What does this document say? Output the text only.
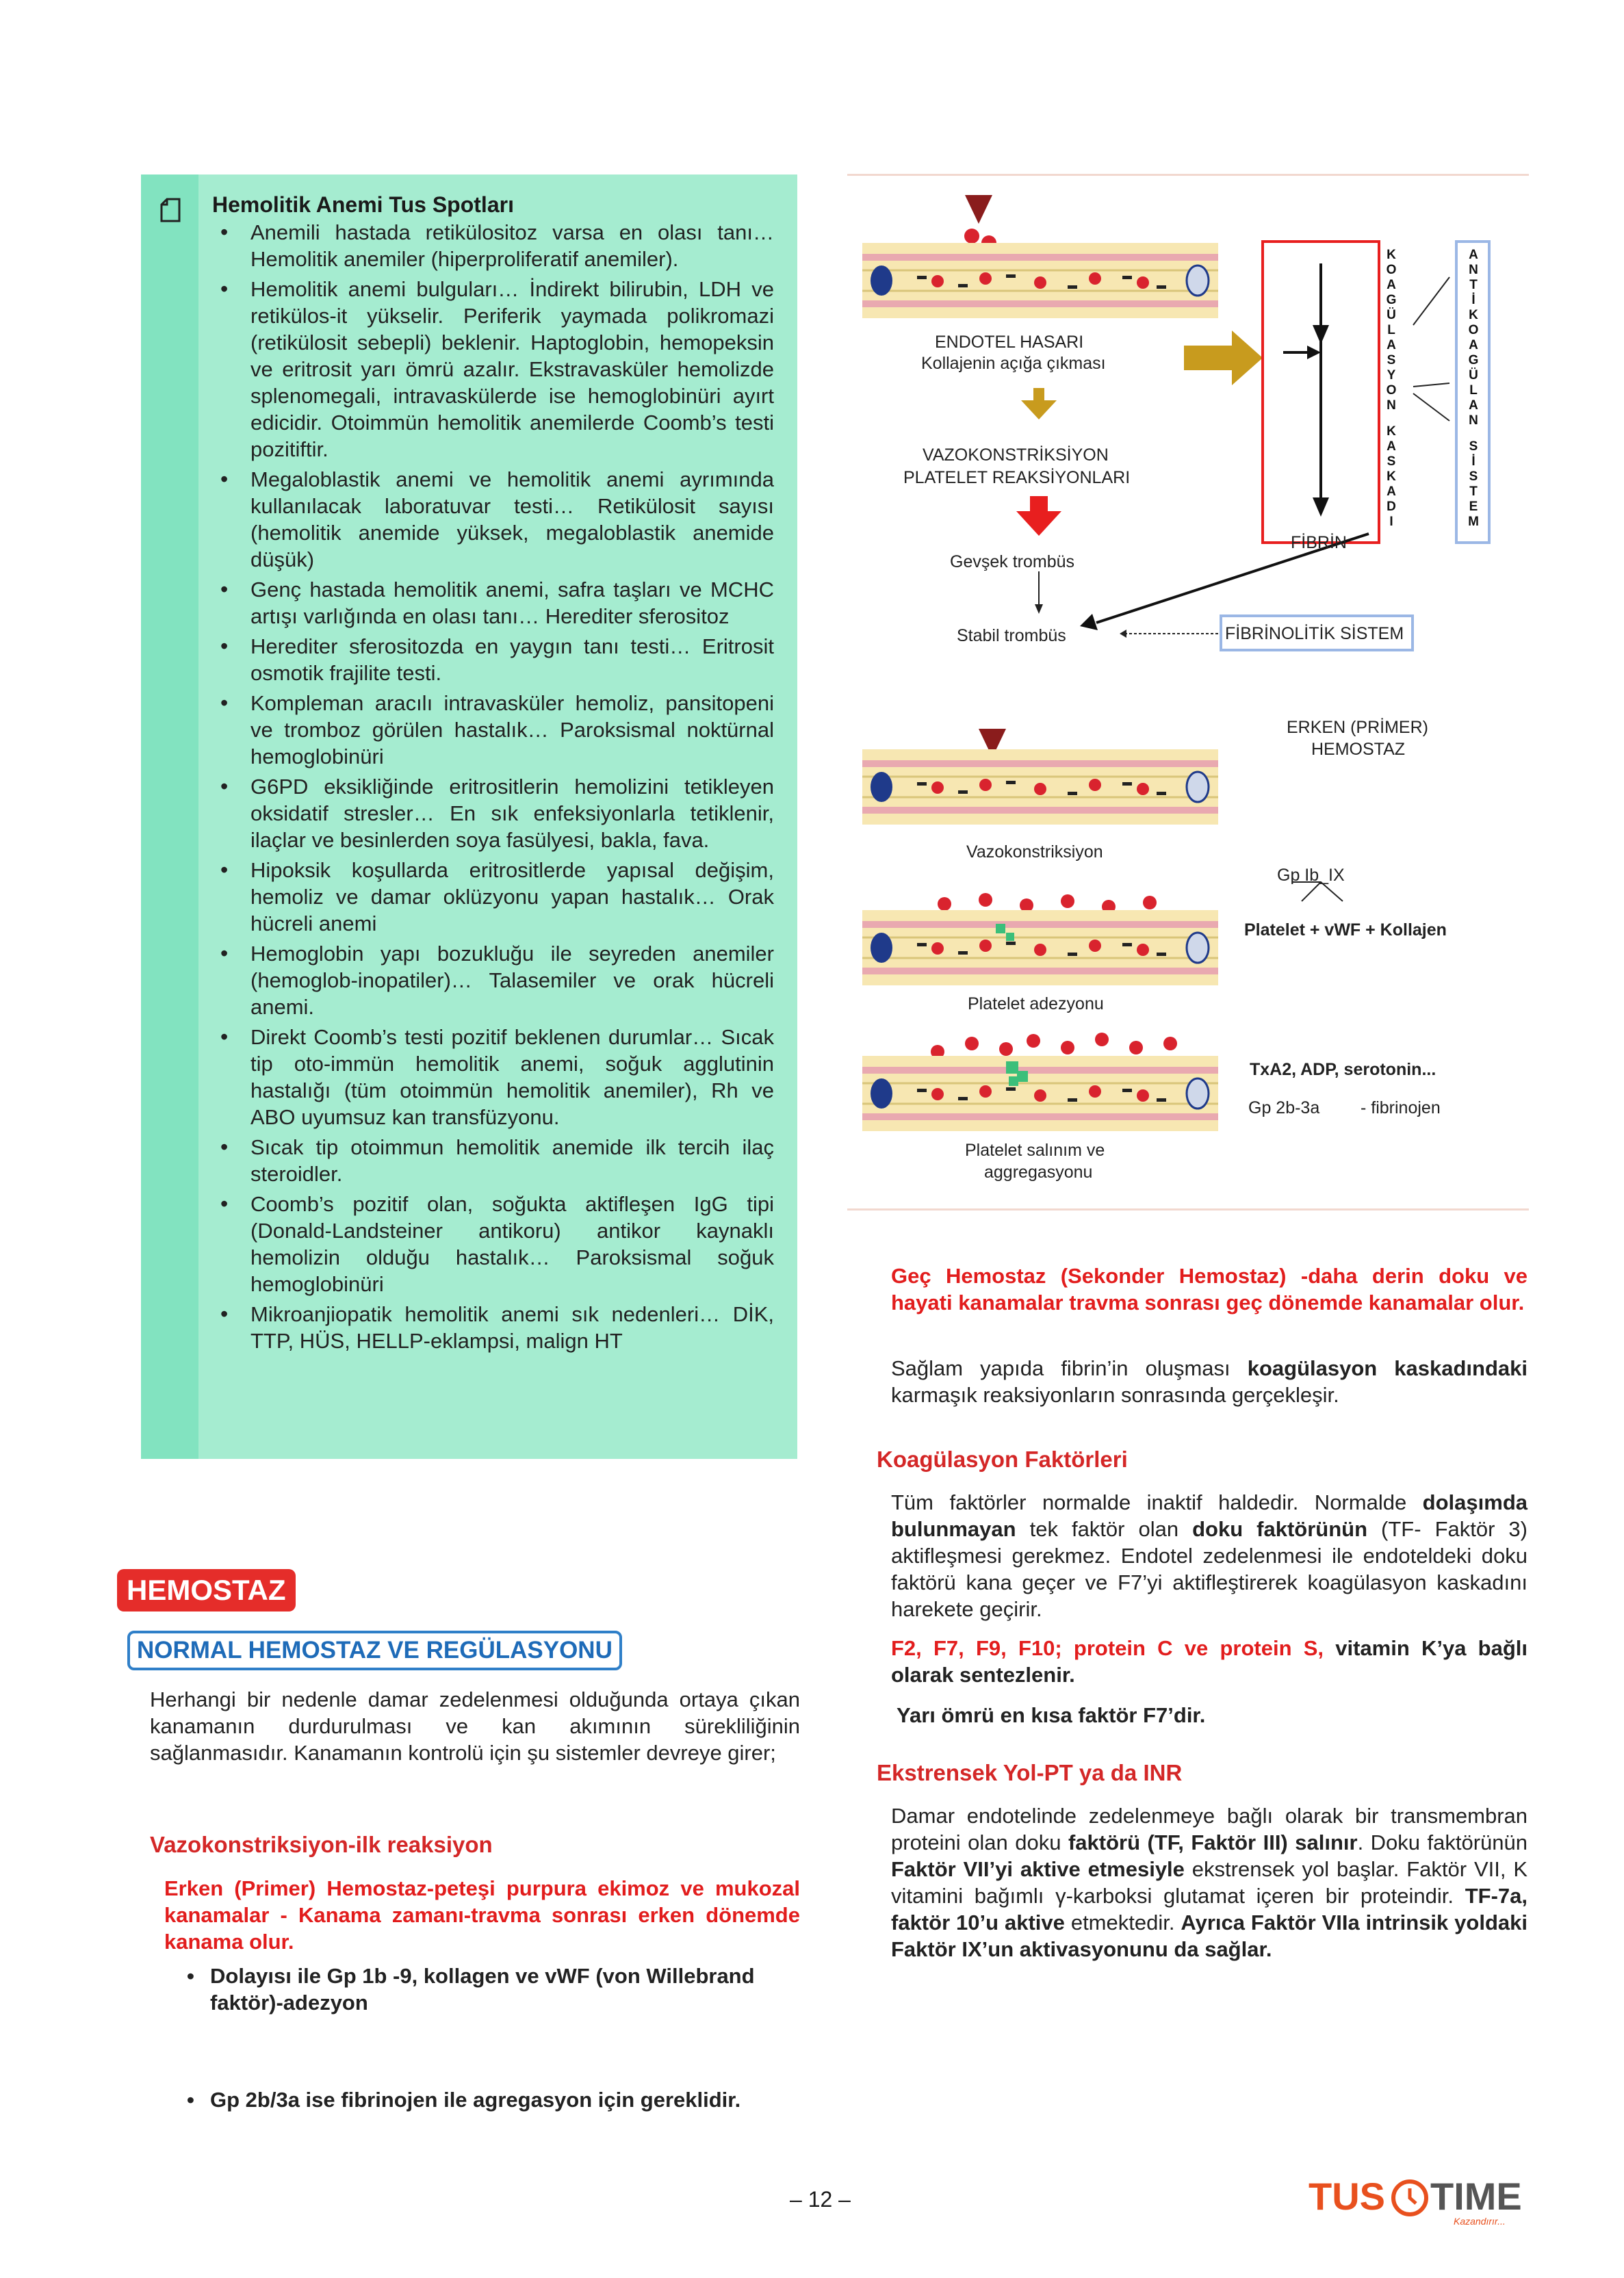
Hemolitik Anemi Tus Spotları
• Anemili hastada retikülositoz varsa en olası tanı… Hemolitik anemiler (hiperproliferatif anemiler).
• Hemolitik anemi bulguları… İndirekt bilirubin, LDH ve retikülos-it yükselir. Periferik yaymada polikromazi (retikülosit sebepli) beklenir. Haptoglobin, hemopeksin ve eritrosit yarı ömrü azalır. Ekstravasküler hemolizde splenomegali, intravaskülerde ise hemoglobinüri ayırt edicidir. Otoimmün hemolitik anemilerde Coomb’s testi pozitiftir.
• Megaloblastik anemi ve hemolitik anemi ayrımında kullanılacak laboratuvar testi… Retikülosit sayısı (hemolitik anemide yüksek, megaloblastik anemide düşük)
• Genç hastada hemolitik anemi, safra taşları ve MCHC artışı varlığında en olası tanı… Herediter sferositoz
• Herediter sferositozda en yaygın tanı testi… Eritrosit osmotik frajilite testi.
• Kompleman aracılı intravasküler hemoliz, pansitopeni ve tromboz görülen hastalık… Paroksismal noktürnal hemoglobinüri
• G6PD eksikliğinde eritrositlerin hemolizini tetikleyen oksidatif stresler… En sık enfeksiyonlarla tetiklenir, ilaçlar ve besinlerden soya fasülyesi, bakla, fava.
• Hipoksik koşullarda eritrositlerde yapısal değişim, hemoliz ve damar oklüzyonu yapan hastalık… Orak hücreli anemi
• Hemoglobin yapı bozukluğu ile seyreden anemiler (hemoglob-inopatiler)… Talasemiler ve orak hücreli anemi.
• Direkt Coomb’s testi pozitif beklenen durumlar… Sıcak tip oto-immün hemolitik anemi, soğuk agglutinin hastalığı (tüm otoimmün hemolitik anemiler), Rh ve ABO uyumsuz kan transfüzyonu.
• Sıcak tip otoimmun hemolitik anemide ilk tercih ilaç steroidler.
• Coomb’s pozitif olan, soğukta aktifleşen IgG tipi (Donald-Landsteiner antikoru) antikor kaynaklı hemolizin olduğu hastalık… Paroksismal soğuk hemoglobinüri
• Mikroanjiopatik hemolitik anemi sık nedenleri… DİK, TTP, HÜS, HELLP-eklampsi, malign HT
HEMOSTAZ
NORMAL HEMOSTAZ VE REGÜLASYONU
Herhangi bir nedenle damar zedelenmesi olduğunda ortaya çıkan kanamanın durdurulması ve kan akımının sürekliliğinin sağlanmasıdır. Kanamanın kontrolü için şu sistemler devreye girer;
Vazokonstriksiyon-ilk reaksiyon
Erken (Primer) Hemostaz-peteşi purpura ekimoz ve mukozal kanamalar - Kanama zamanı-travma sonrası erken dönemde kanama olur.
• Dolayısı ile Gp 1b -9, kollagen ve vWF (von Willebrand faktör)-adezyon
• Gp 2b/3a ise fibrinojen ile agregasyon için gereklidir.
ENDOTEL HASARI
Kollajenin açığa çıkması
VAZOKONSTRİKSİYON
PLATELET REAKSİYONLARI
Gevşek trombüs
Stabil trombüs
FİBRİN
FİBRİNOLİTİK SİSTEM
K
O
A
G
Ü
L
A
S
Y
O
N
K
A
S
K
A
D
I
A
N
T
İ
K
O
A
G
Ü
L
A
N
S
İ
S
T
E
M
ERKEN (PRİMER)
HEMOSTAZ
Vazokonstriksiyon
Gp Ib_IX
Platelet + vWF + Kollajen
Platelet adezyonu
TxA2, ADP, serotonin...
Gp 2b-3a - fibrinojen
Platelet salınım ve
aggregasyonu
Geç Hemostaz (Sekonder Hemostaz) -daha derin doku ve hayati kanamalar travma sonrası geç dönemde kanamalar olur.
Sağlam yapıda fibrin’in oluşması koagülasyon kaskadındaki karmaşık reaksiyonların sonrasında gerçekleşir.
Koagülasyon Faktörleri
Tüm faktörler normalde inaktif haldedir. Normalde dolaşımda bulunmayan tek faktör olan doku faktörünün (TF- Faktör 3) aktifleşmesi gerekmez. Endotel zedelenmesi ile endoteldeki doku faktörü kana geçer ve F7’yi aktifleştirerek koagülasyon kaskadını harekete geçirir.
F2, F7, F9, F10; protein C ve protein S, vitamin K’ya bağlı olarak sentezlenir.
Yarı ömrü en kısa faktör F7’dir.
Ekstrensek Yol-PT ya da INR
Damar endotelinde zedelenmeye bağlı olarak bir transmembran proteini olan doku faktörü (TF, Faktör III) salınır. Doku faktörünün Faktör VII’yi aktive etmesiyle ekstrensek yol başlar. Faktör VII, K vitamini bağımlı γ-karboksi glutamat içeren bir proteindir. TF-7a, faktör 10’u aktive etmektedir. Ayrıca Faktör VIIa intrinsik yoldaki Faktör IX’un aktivasyonunu da sağlar.
– 12 –	TUS TIME
Kazandırır...
